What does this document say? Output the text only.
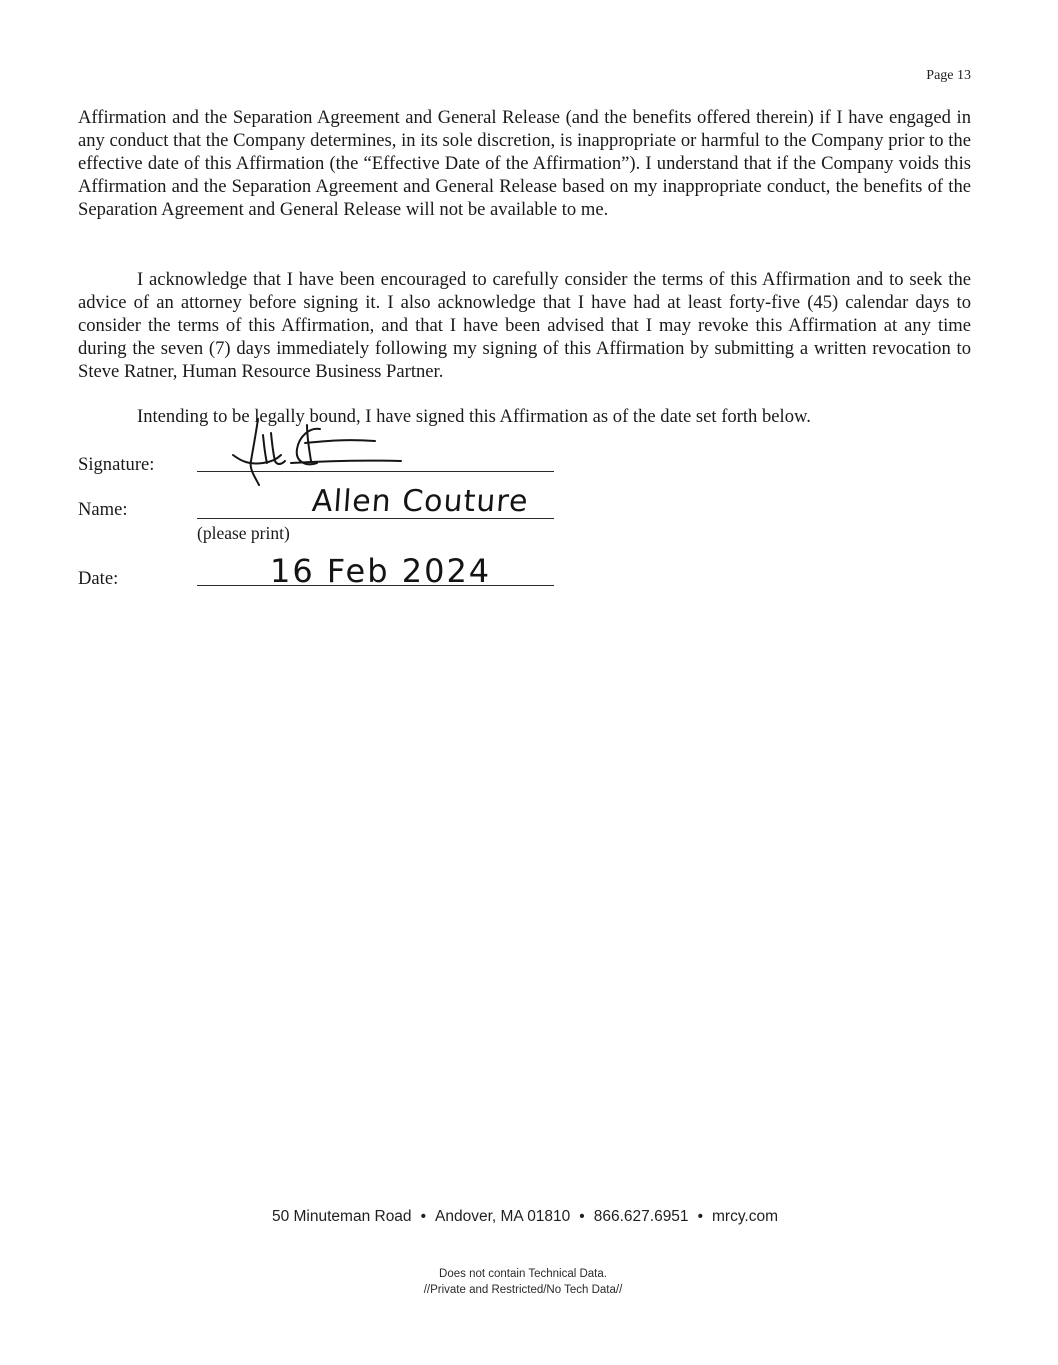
Page 13

Affirmation and the Separation Agreement and General Release (and the benefits offered therein) if I have engaged in any conduct that the Company determines, in its sole discretion, is inappropriate or harmful to the Company prior to the effective date of this Affirmation (the “Effective Date of the Affirmation”). I understand that if the Company voids this Affirmation and the Separation Agreement and General Release based on my inappropriate conduct, the benefits of the Separation Agreement and General Release will not be available to me.

I acknowledge that I have been encouraged to carefully consider the terms of this Affirmation and to seek the advice of an attorney before signing it. I also acknowledge that I have had at least forty-five (45) calendar days to consider the terms of this Affirmation, and that I have been advised that I may revoke this Affirmation at any time during the seven (7) days immediately following my signing of this Affirmation by submitting a written revocation to Steve Ratner, Human Resource Business Partner.

Intending to be legally bound, I have signed this Affirmation as of the date set forth below.

Signature:
Name:	Allen Couture
(please print)
Date:	16 Feb 2024
50 Minuteman Road • Andover, MA 01810 • 866.627.6951 • mrcy.com
Does not contain Technical Data.
//Private and Restricted/No Tech Data//
